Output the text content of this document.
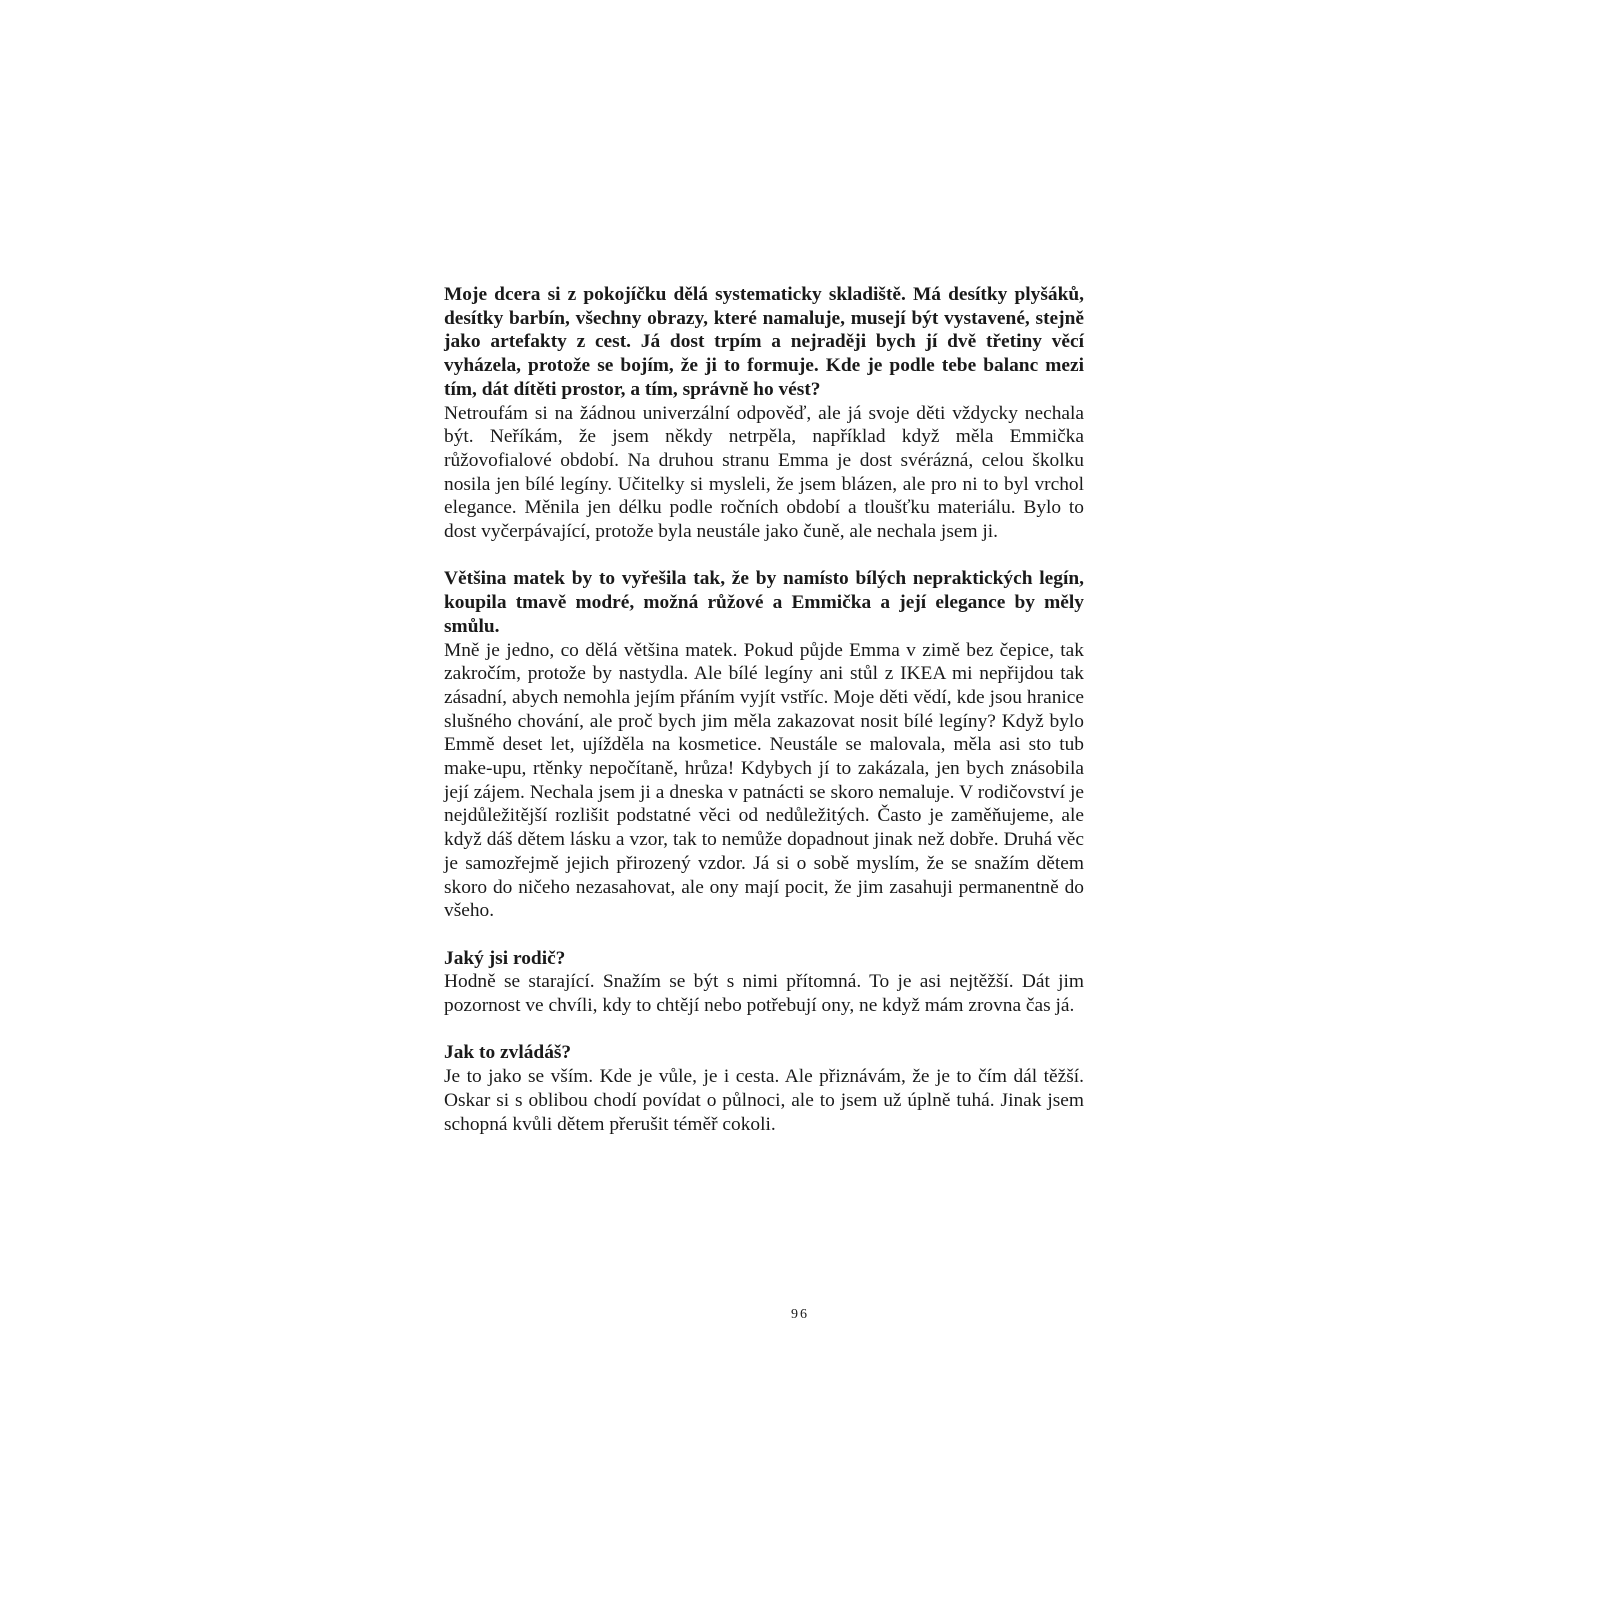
Moje dcera si z pokojíčku dělá systematicky skladiště. Má desítky plyšáků, desítky barbín, všechny obrazy, které namaluje, musejí být vystavené, stejně jako artefakty z cest. Já dost trpím a nejraději bych jí dvě třetiny věcí vyházela, protože se bojím, že ji to formuje. Kde je podle tebe balanc mezi tím, dát dítěti prostor, a tím, správně ho vést?

Netroufám si na žádnou univerzální odpověď, ale já svoje děti vždycky nechala být. Neříkám, že jsem někdy netrpěla, například když měla Emmička růžovofialové období. Na druhou stranu Emma je dost svérázná, celou školku nosila jen bílé legíny. Učitelky si mysleli, že jsem blázen, ale pro ni to byl vrchol elegance. Měnila jen délku podle ročních období a tloušťku materiálu. Bylo to dost vyčerpávající, protože byla neustále jako čuně, ale nechala jsem ji.

Většina matek by to vyřešila tak, že by namísto bílých nepraktických legín, koupila tmavě modré, možná růžové a Emmička a její elegance by měly smůlu.

Mně je jedno, co dělá většina matek. Pokud půjde Emma v zimě bez čepice, tak zakročím, protože by nastydla. Ale bílé legíny ani stůl z IKEA mi nepřijdou tak zásadní, abych nemohla jejím přáním vyjít vstříc. Moje děti vědí, kde jsou hranice slušného chování, ale proč bych jim měla zakazovat nosit bílé legíny? Když bylo Emmě deset let, ujížděla na kosmetice. Neustále se malovala, měla asi sto tub make-upu, rtěnky nepočítaně, hrůza! Kdybych jí to zakázala, jen bych znásobila její zájem. Nechala jsem ji a dneska v patnácti se skoro nemaluje. V rodičovství je nejdůležitější rozlišit podstatné věci od nedůležitých. Často je zaměňujeme, ale když dáš dětem lásku a vzor, tak to nemůže dopadnout jinak než dobře. Druhá věc je samozřejmě jejich přirozený vzdor. Já si o sobě myslím, že se snažím dětem skoro do ničeho nezasahovat, ale ony mají pocit, že jim zasahuji permanentně do všeho.

Jaký jsi rodič?

Hodně se starající. Snažím se být s nimi přítomná. To je asi nejtěžší. Dát jim pozornost ve chvíli, kdy to chtějí nebo potřebují ony, ne když mám zrovna čas já.

Jak to zvládáš?

Je to jako se vším. Kde je vůle, je i cesta. Ale přiznávám, že je to čím dál těžší. Oskar si s oblibou chodí povídat o půlnoci, ale to jsem už úplně tuhá. Jinak jsem schopná kvůli dětem přerušit téměř cokoli.

96
